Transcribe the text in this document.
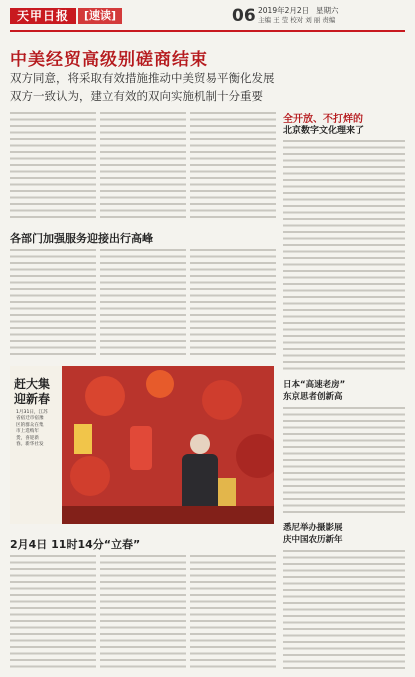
天甲日报	[速读]	06 2019年2月2日 星期六
主编 王 莹 校对 刘 丽 责编
中美经贸高级别磋商结束
双方同意，将采取有效措施推动中美贸易平衡化发展
双方一致认为，建立有效的双向实施机制十分重要
全开放、不打烊的
北京数字文化理来了
各部门加强服务迎接出行高峰
赶大集
迎新春
1月31日，江苏省宿迁市宿豫区的群众在集市上选购年货，喜迎新春。新华社发
2月4日 11时14分“立春”
日本“高速老房”
东京思者创新高
悉尼举办摄影展
庆中国农历新年
